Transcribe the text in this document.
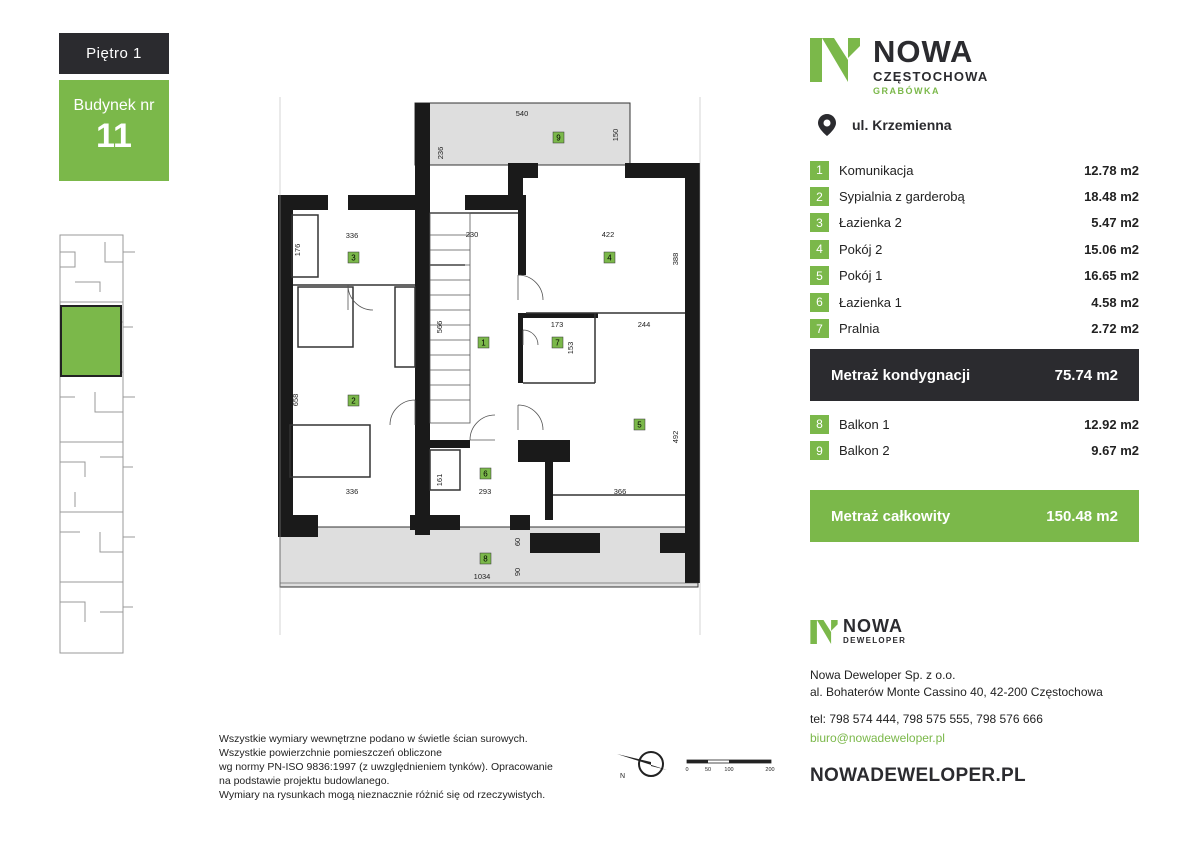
Piętro 1
Budynek nr
11
3
1
2
4
7
5
6
8
9
540
150
236
336
176
230	422
388
566	173
153
244
658
161
293
336	366
492
60
90
1034
NOWA
CZĘSTOCHOWA
GRABÓWKA
ul. Krzemienna
1	Komunikacja	12.78 m2
2	Sypialnia z garderobą	18.48 m2
3	Łazienka 2	5.47 m2
4	Pokój 2	15.06 m2
5	Pokój 1	16.65 m2
6	Łazienka 1	4.58 m2
7	Pralnia	2.72 m2
Metraż kondygnacji	75.74 m2
8	Balkon 1	12.92 m2
9	Balkon 2	9.67 m2
Metraż całkowity	150.48 m2
NOWA
DEWELOPER
Nowa Deweloper Sp. z o.o.
al. Bohaterów Monte Cassino 40, 42-200 Częstochowa
tel: 798 574 444, 798 575 555, 798 576 666
biuro@nowadeweloper.pl
NOWADEWELOPER.PL
Wszystkie wymiary wewnętrzne podano w świetle ścian surowych.
Wszystkie powierzchnie pomieszczeń obliczone
wg normy PN-ISO 9836:1997 (z uwzględnieniem tynków). Opracowanie
na podstawie projektu budowlanego.
Wymiary na rysunkach mogą nieznacznie różnić się od rzeczywistych.
N
0	50 100	200
